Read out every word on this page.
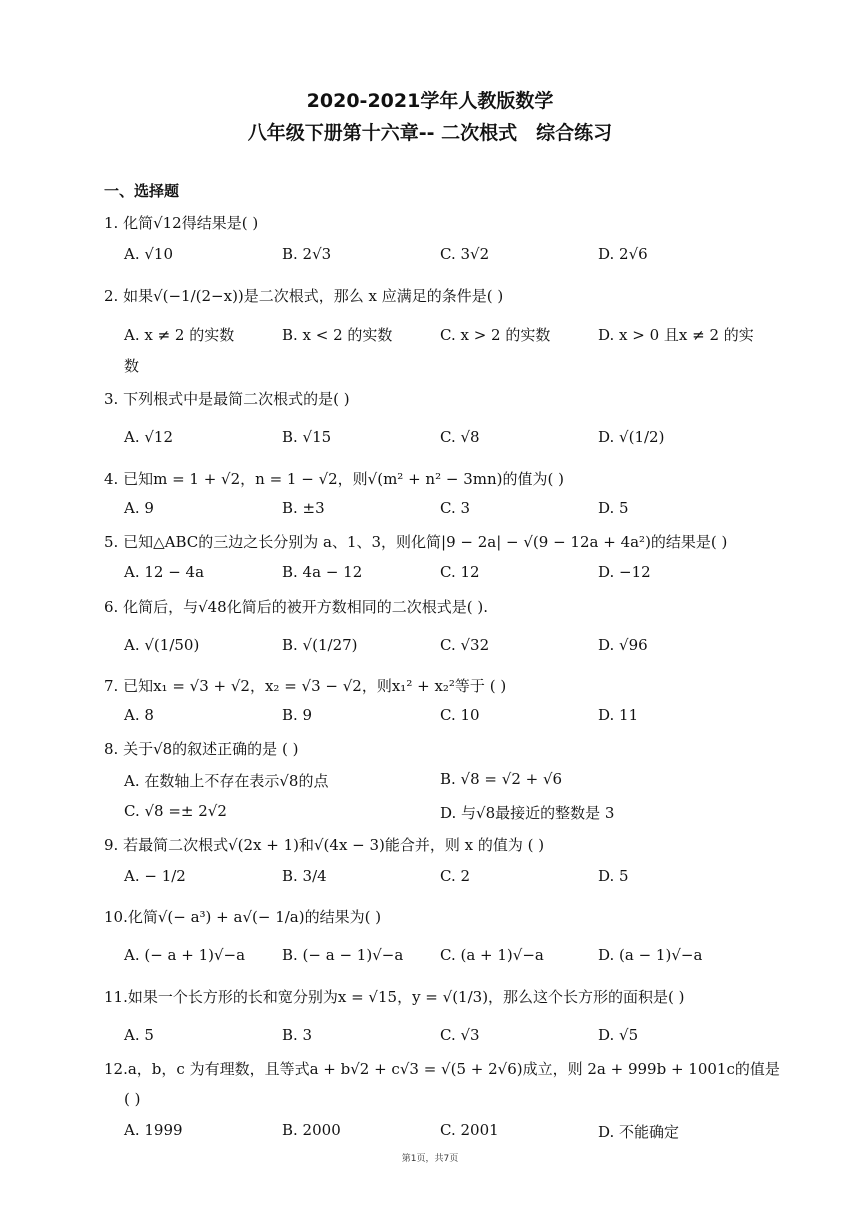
2020-2021学年人教版数学
八年级下册第十六章-- 二次根式　综合练习
一、选择题
1. 化简√12得结果是( )
A. √10	B. 2√3	C. 3√2	D. 2√6
2. 如果√(−1/(2−x))是二次根式，那么 x 应满足的条件是( )
A. x ≠ 2 的实数	B. x < 2 的实数	C. x > 2 的实数	D. x > 0 且x ≠ 2 的实
数
3. 下列根式中是最简二次根式的是( )
A. √12	B. √15	C. √8	D. √(1/2)
4. 已知m = 1 + √2，n = 1 − √2，则√(m² + n² − 3mn)的值为( )
A. 9	B. ±3	C. 3	D. 5
5. 已知△ABC的三边之长分别为 a、1、3，则化简|9 − 2a| − √(9 − 12a + 4a²)的结果是( )
A. 12 − 4a	B. 4a − 12	C. 12	D. −12
6. 化简后，与√48化简后的被开方数相同的二次根式是( ).
A. √(1/50)	B. √(1/27)	C. √32	D. √96
7. 已知x₁ = √3 + √2，x₂ = √3 − √2，则x₁² + x₂²等于 ( )
A. 8	B. 9	C. 10	D. 11
8. 关于√8的叙述正确的是 ( )
A. 在数轴上不存在表示√8的点	B. √8 = √2 + √6
C. √8 =± 2√2	D. 与√8最接近的整数是 3
9. 若最简二次根式√(2x + 1)和√(4x − 3)能合并，则 x 的值为 ( )
A. − 1/2	B. 3/4	C. 2	D. 5
10.化简√(− a³) + a√(− 1/a)的结果为( )
A. (− a + 1)√−a B. (− a − 1)√−a C. (a + 1)√−a	D. (a − 1)√−a
11.如果一个长方形的长和宽分别为x = √15，y = √(1/3)，那么这个长方形的面积是( )
A. 5	B. 3	C. √3	D. √5
12.a，b，c 为有理数，且等式a + b√2 + c√3 = √(5 + 2√6)成立，则 2a + 999b + 1001c的值是
( )
A. 1999	B. 2000	C. 2001	D. 不能确定
第1页，共7页
